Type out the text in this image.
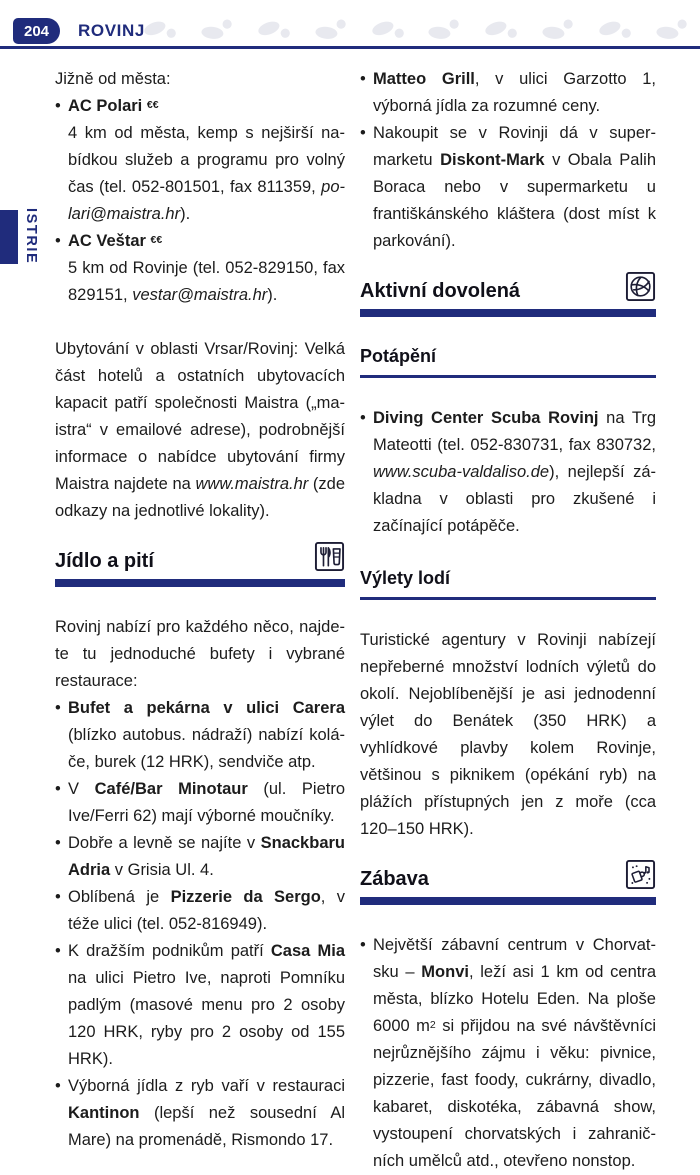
204 ROVINJ
ISTRIE
Jižně od města:
• AC Polari €€
4 km od města, kemp s nejširší nabídkou služeb a programu pro volný čas (tel. 052-801501, fax 811359, polari@maistra.hr).
• AC Veštar €€
5 km od Rovinje (tel. 052-829150, fax 829151, vestar@maistra.hr).
Ubytování v oblasti Vrsar/Rovinj: Velká část hotelů a ostatních ubytovacích kapacit patří společnosti Maistra („maistra“ v emailové adrese), podrobnější informace o nabídce ubytování firmy Maistra najdete na www.maistra.hr (zde odkazy na jednotlivé lokality).
Jídlo a pití
Rovinj nabízí pro každého něco, najdete tu jednoduché bufety i vybrané restaurace:
• Bufet a pekárna v ulici Carera (blízko autobus. nádraží) nabízí koláče, burek (12 HRK), sendviče atp.
• V Café/Bar Minotaur (ul. Pietro Ive/Ferri 62) mají výborné moučníky.
• Dobře a levně se najíte v Snackbaru Adria v Grisia Ul. 4.
• Oblíbená je Pizzerie da Sergo, v téže ulici (tel. 052-816949).
• K dražším podnikům patří Casa Mia na ulici Pietro Ive, naproti Pomníku padlým (masové menu pro 2 osoby 120 HRK, ryby pro 2 osoby od 155 HRK).
• Výborná jídla z ryb vaří v restauraci Kantinon (lepší než sousední Al Mare) na promenádě, Rismondo 17.
• Matteo Grill, v ulici Garzotto 1, výborná jídla za rozumné ceny.
• Nakoupit se v Rovinji dá v supermarketu Diskont-Mark v Obala Palih Boraca nebo v supermarketu u františkánského kláštera (dost míst k parkování).
Aktivní dovolená
Potápění
• Diving Center Scuba Rovinj na Trg Mateotti (tel. 052-830731, fax 830732, www.scuba-valdaliso.de), nejlepší základna v oblasti pro zkušené i začínající potápěče.
Výlety lodí
Turistické agentury v Rovinji nabízejí nepřeberné množství lodních výletů do okolí. Nejoblíbenější je asi jednodenní výlet do Benátek (350 HRK) a vyhlídkové plavby kolem Rovinje, většinou s piknikem (opékání ryb) na plážích přístupných jen z moře (cca 120–150 HRK).
Zábava
• Největší zábavní centrum v Chorvatsku – Monvi, leží asi 1 km od centra města, blízko Hotelu Eden. Na ploše 6000 $m^2$ si přijdou na své návštěvníci nejrůznějšího zájmu i věku: pivnice, pizzerie, fast foody, cukrárny, divadlo, kabaret, diskotéka, zábavná show, vystoupení chorvatských i zahraničních umělců atd., otevřeno nonstop.
